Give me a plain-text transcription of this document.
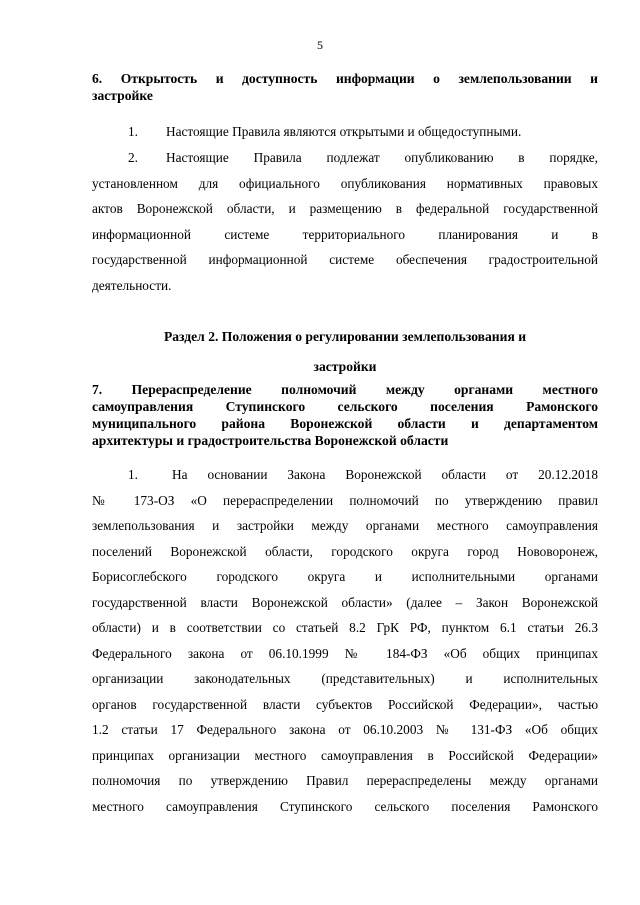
5

6. Открытость и доступность информации о землепользовании и

застройке

1. Настоящие Правила являются открытыми и общедоступными.

2. Настоящие Правила подлежат опубликованию в порядке,

установленном для официального опубликования нормативных правовых

актов Воронежской области, и размещению в федеральной государственной

информационной системе территориального планирования и в

государственной информационной системе обеспечения градостроительной

деятельности.

Раздел 2. Положения о регулировании землепользования и

застройки

7. Перераспределение полномочий между органами местного

самоуправления Ступинского сельского поселения Рамонского

муниципального района Воронежской области и департаментом

архитектуры и градостроительства Воронежской области

1.	На основании Закона Воронежской области от 20.12.2018

№ 173-ОЗ «О перераспределении полномочий по утверждению правил

землепользования и застройки между органами местного самоуправления

поселений Воронежской области, городского округа город Нововоронеж,

Борисоглебского городского округа и исполнительными органами

государственной власти Воронежской области» (далее – Закон Воронежской

области) и в соответствии со статьей 8.2 ГрК РФ, пунктом 6.1 статьи 26.3

Федерального закона от 06.10.1999 № 184-ФЗ «Об общих принципах

организации законодательных (представительных) и исполнительных

органов государственной власти субъектов Российской Федерации», частью

1.2 статьи 17 Федерального закона от 06.10.2003 № 131-ФЗ «Об общих

принципах организации местного самоуправления в Российской Федерации»

полномочия по утверждению Правил перераспределены между органами

местного самоуправления Ступинского сельского поселения Рамонского
